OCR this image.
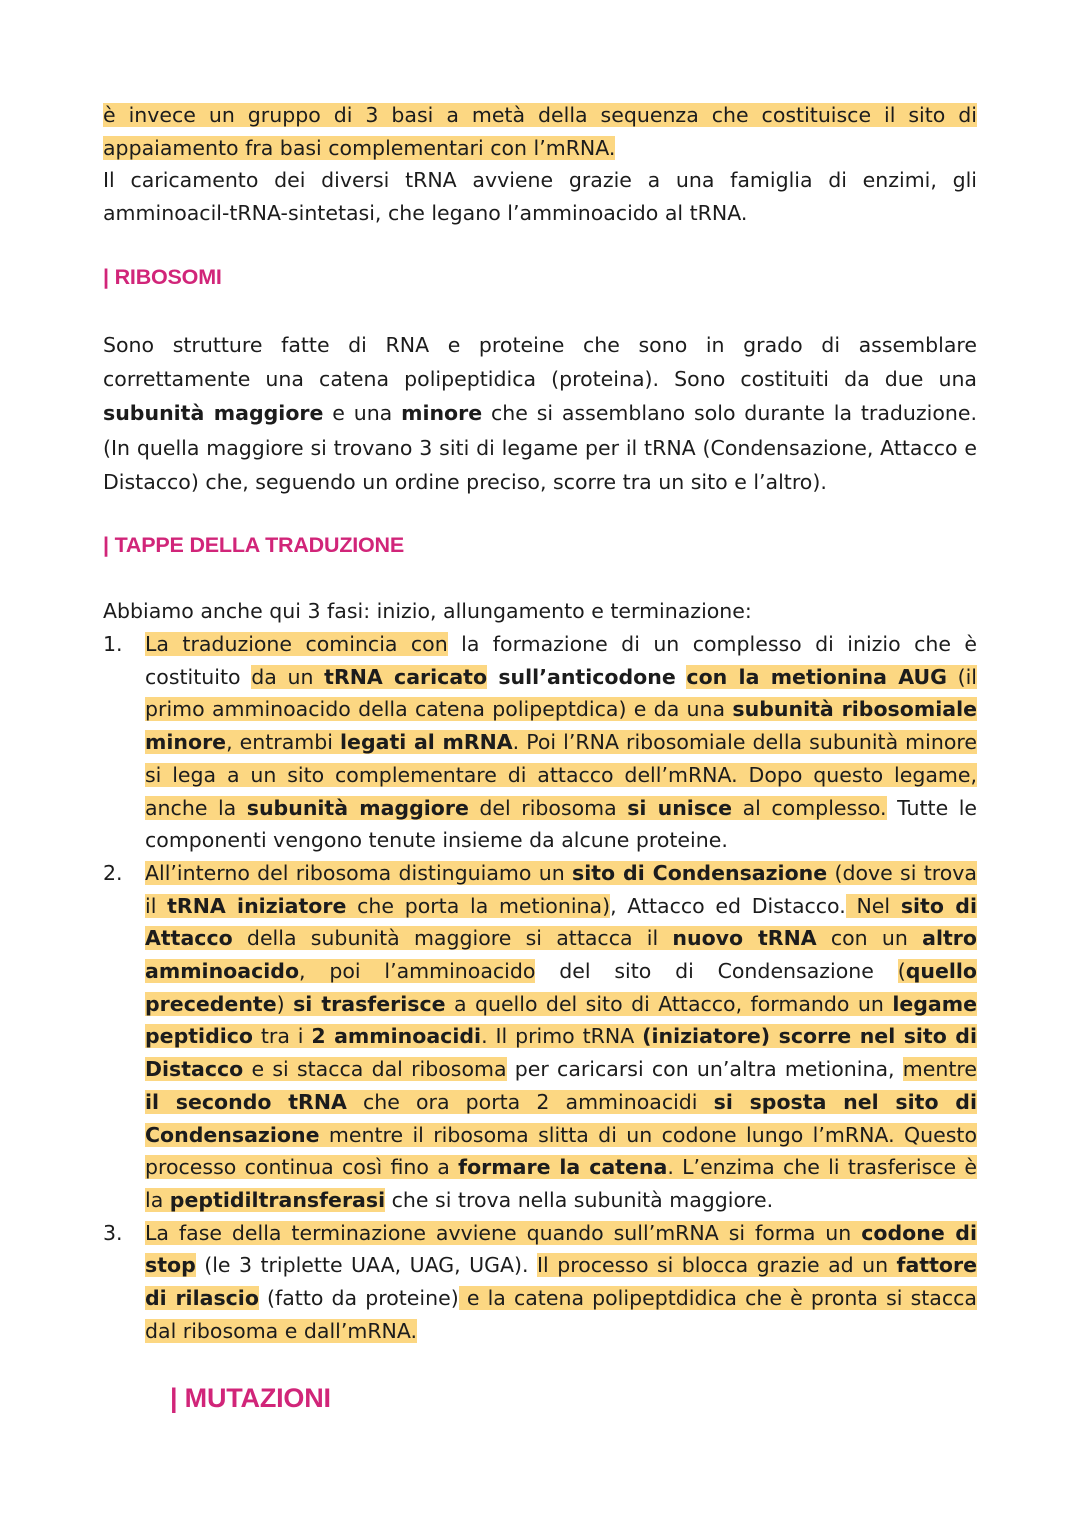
è invece un gruppo di 3 basi a metà della sequenza che costituisce il sito di appaiamento fra basi complementari con l’mRNA.

Il caricamento dei diversi tRNA avviene grazie a una famiglia di enzimi, gli amminoacil-tRNA-sintetasi, che legano l’amminoacido al tRNA.

| RIBOSOMI

Sono strutture fatte di RNA e proteine che sono in grado di assemblare correttamente una catena polipeptidica (proteina). Sono costituiti da due una subunità maggiore e una minore che si assemblano solo durante la traduzione. (In quella maggiore si trovano 3 siti di legame per il tRNA (Condensazione, Attacco e Distacco) che, seguendo un ordine preciso, scorre tra un sito e l’altro).

| TAPPE DELLA TRADUZIONE
Abbiamo anche qui 3 fasi: inizio, allungamento e terminazione:
1. La traduzione comincia con la formazione di un complesso di inizio che è costituito da un tRNA caricato sull’anticodone con la metionina AUG (il primo amminoacido della catena polipeptdica) e da una subunità ribosomiale minore, entrambi legati al mRNA. Poi l’RNA ribosomiale della subunità minore si lega a un sito complementare di attacco dell’mRNA. Dopo questo legame, anche la subunità maggiore del ribosoma si unisce al complesso. Tutte le componenti vengono tenute insieme da alcune proteine.
2. All’interno del ribosoma distinguiamo un sito di Condensazione (dove si trova il tRNA iniziatore che porta la metionina), Attacco ed Distacco. Nel sito di Attacco della subunità maggiore si attacca il nuovo tRNA con un altro amminoacido, poi l’amminoacido del sito di Condensazione (quello precedente) si trasferisce a quello del sito di Attacco, formando un legame peptidico tra i 2 amminoacidi. Il primo tRNA (iniziatore) scorre nel sito di Distacco e si stacca dal ribosoma per caricarsi con un’altra metionina, mentre il secondo tRNA che ora porta 2 amminoacidi si sposta nel sito di Condensazione mentre il ribosoma slitta di un codone lungo l’mRNA. Questo processo continua così fino a formare la catena. L’enzima che li trasferisce è la peptidiltransferasi che si trova nella subunità maggiore.
3. La fase della terminazione avviene quando sull’mRNA si forma un codone di stop (le 3 triplette UAA, UAG, UGA). Il processo si blocca grazie ad un fattore di rilascio (fatto da proteine) e la catena polipeptdidica che è pronta si stacca dal ribosoma e dall’mRNA.
| MUTAZIONI
